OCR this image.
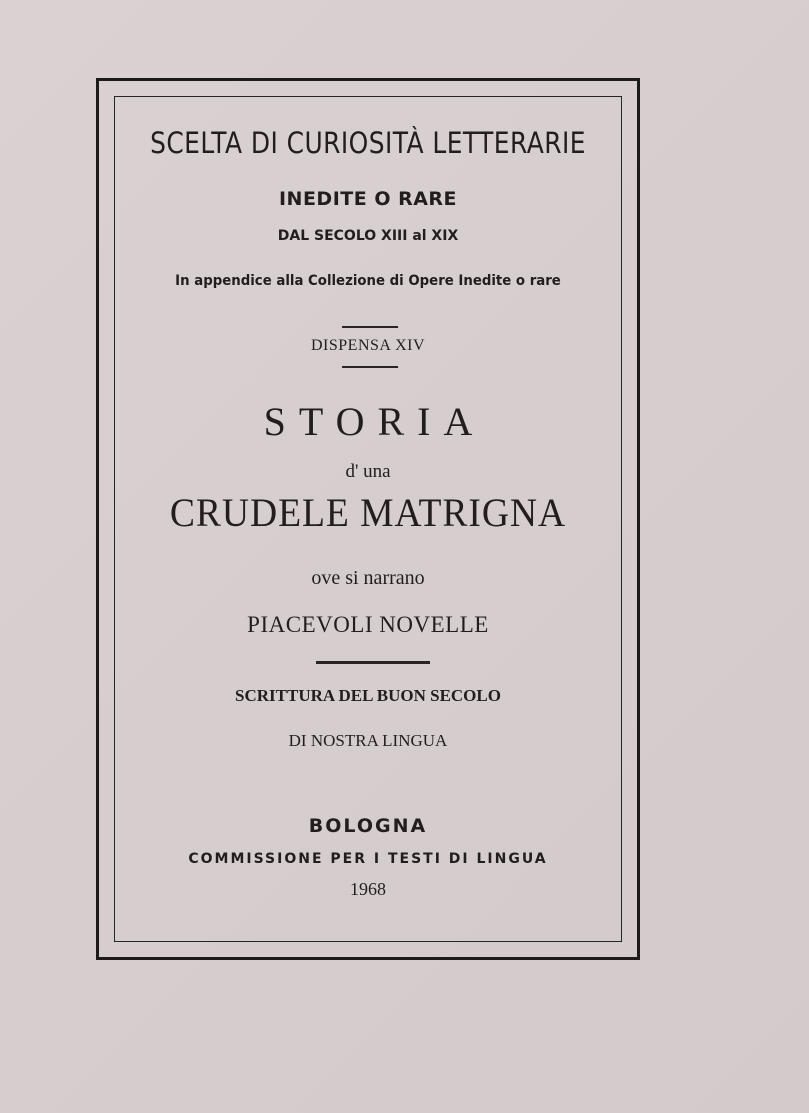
SCELTA DI CURIOSITÀ LETTERARIE

INEDITE O RARE

DAL SECOLO XIII al XIX

In appendice alla Collezione di Opere Inedite o rare

DISPENSA XIV

STORIA

d' una

CRUDELE MATRIGNA

ove si narrano

PIACEVOLI NOVELLE

SCRITTURA DEL BUON SECOLO

DI NOSTRA LINGUA

BOLOGNA

COMMISSIONE PER I TESTI DI LINGUA

1968
